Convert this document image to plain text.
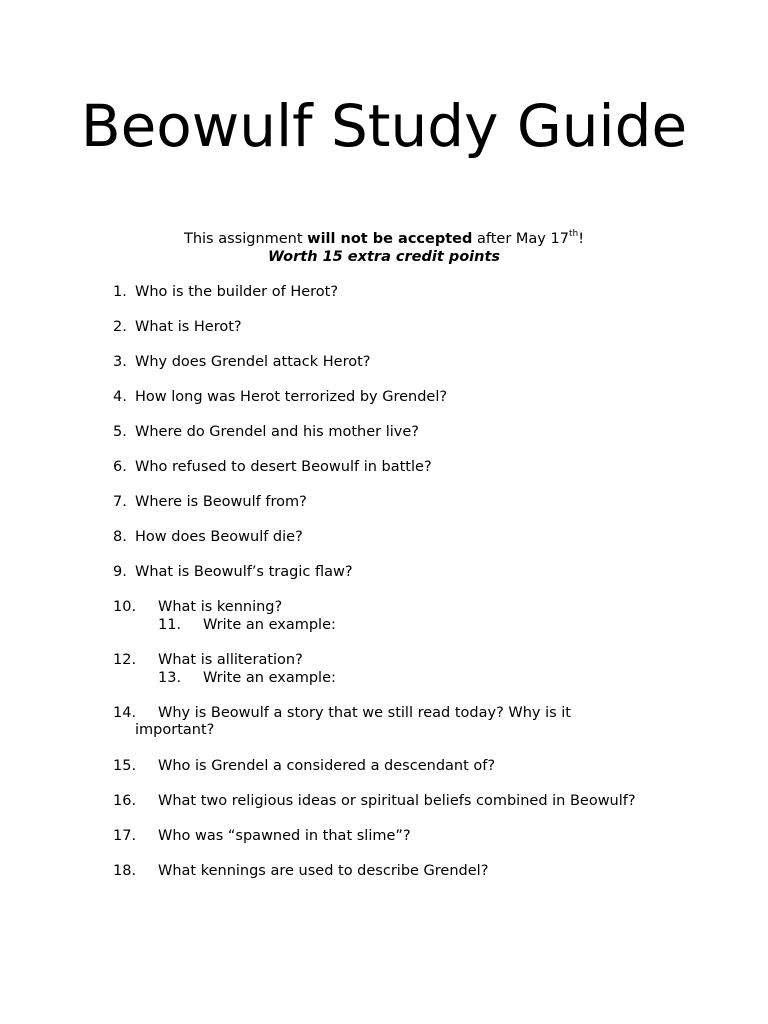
Beowulf Study Guide
This assignment will not be accepted after May 17th!
Worth 15 extra credit points
1. Who is the builder of Herot?
2. What is Herot?
3. Why does Grendel attack Herot?
4. How long was Herot terrorized by Grendel?
5. Where do Grendel and his mother live?
6. Who refused to desert Beowulf in battle?
7. Where is Beowulf from?
8. How does Beowulf die?
9. What is Beowulf’s tragic flaw?
10. What is kenning?
11. Write an example:
12. What is alliteration?
13. Write an example:
14. Why is Beowulf a story that we still read today? Why is it
important?
15. Who is Grendel a considered a descendant of?
16. What two religious ideas or spiritual beliefs combined in Beowulf?
17. Who was “spawned in that slime”?
18. What kennings are used to describe Grendel?
